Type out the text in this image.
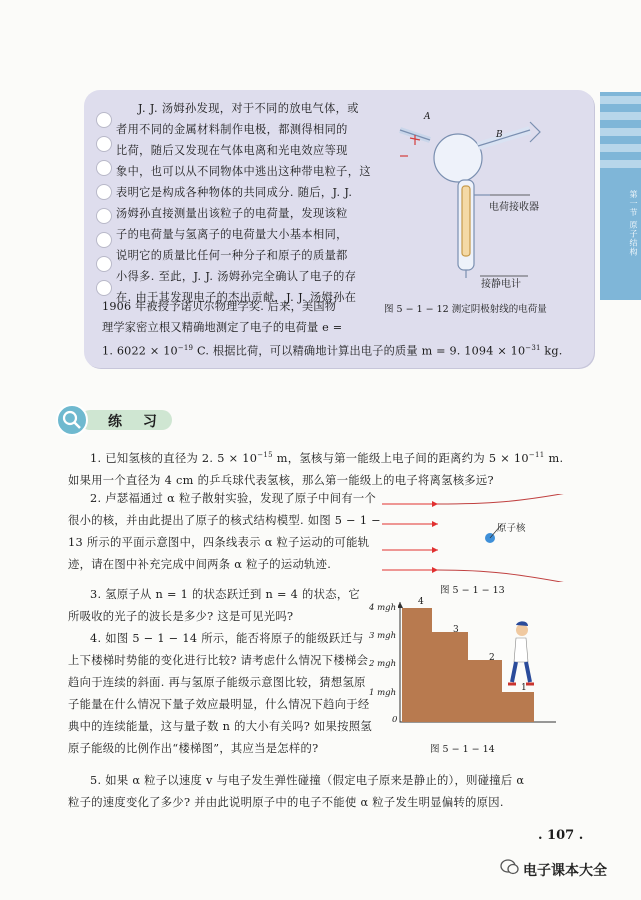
第一节 原子结构
J. J. 汤姆孙发现，对于不同的放电气体，或
者用不同的金属材料制作电极，都测得相同的
比荷，随后又发现在气体电离和光电效应等现
象中，也可以从不同物体中逃出这种带电粒子，这
表明它是构成各种物体的共同成分. 随后，J. J.
汤姆孙直接测量出该粒子的电荷量，发现该粒
子的电荷量与氢离子的电荷量大小基本相同，
说明它的质量比任何一种分子和原子的质量都
小得多. 至此，J. J. 汤姆孙完全确认了电子的存
在. 由于其发现电子的杰出贡献，J. J. 汤姆孙在
1906 年被授予诺贝尔物理学奖. 后来，美国物
理学家密立根又精确地测定了电子的电荷量 e =
1. $6022 \times 10^{-19}$ C. 根据比荷，可以精确地计算出电子的质量 m = 9. $1094 \times 10^{-31}$ kg.
A
B
电荷接收器
接静电计
图 5 − 1 − 12 测定阴极射线的电荷量
练 习
1. 已知氢核的直径为 2. $5 \times 10^{-15}$ m，氢核与第一能级上电子间的距离约为 $5 \times 10^{-11}$ m.
如果用一个直径为 4 cm 的乒乓球代表氢核，那么第一能级上的电子将离氢核多远?
2. 卢瑟福通过 α 粒子散射实验，发现了原子中间有一个很小的核，并由此提出了原子的核式结构模型. 如图 5 − 1 − 13 所示的平面示意图中，四条线表示 α 粒子运动的可能轨迹，请在图中补充完成中间两条 α 粒子的运动轨迹.
原子核
图 5 − 1 − 13
3. 氢原子从 n = 1 的状态跃迁到 n = 4 的状态，它所吸收的光子的波长是多少? 这是可见光吗?
4. 如图 5 − 1 − 14 所示，能否将原子的能级跃迁与上下楼梯时势能的变化进行比较? 请考虑什么情况下楼梯会趋向于连续的斜面. 再与氢原子能级示意图比较，猜想氢原子能量在什么情况下量子效应最明显，什么情况下趋向于经典中的连续能量，这与量子数 n 的大小有关吗? 如果按照氢原子能级的比例作出“楼梯图”，其应当是怎样的?
4 mgh
3 mgh
2 mgh
1 mgh
0
1
2
3
4
图 5 − 1 − 14
5. 如果 α 粒子以速度 v 与电子发生弹性碰撞（假定电子原来是静止的），则碰撞后 α
粒子的速度变化了多少? 并由此说明原子中的电子不能使 α 粒子发生明显偏转的原因.
. 107 .
电子课本大全
